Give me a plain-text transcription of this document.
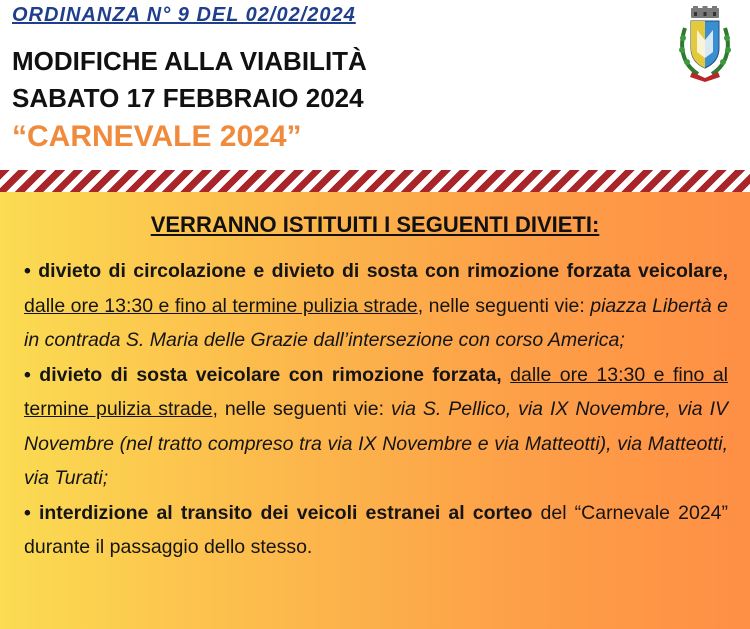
ORDINANZA N° 9 DEL 02/02/2024
MODIFICHE ALLA VIABILITÀ
SABATO 17 FEBBRAIO 2024
“CARNEVALE 2024”
VERRANNO ISTITUITI I SEGUENTI DIVIETI:

• divieto di circolazione e divieto di sosta con rimozione forzata veicolare, dalle ore 13:30 e fino al termine pulizia strade, nelle seguenti vie: piazza Libertà e in contrada S. Maria delle Grazie dall’intersezione con corso America;

• divieto di sosta veicolare con rimozione forzata, dalle ore 13:30 e fino al termine pulizia strade, nelle seguenti vie: via S. Pellico, via IX Novembre, via IV Novembre (nel tratto compreso tra via IX Novembre e via Matteotti), via Matteotti, via Turati;

• interdizione al transito dei veicoli estranei al corteo del “Carnevale 2024” durante il passaggio dello stesso.
